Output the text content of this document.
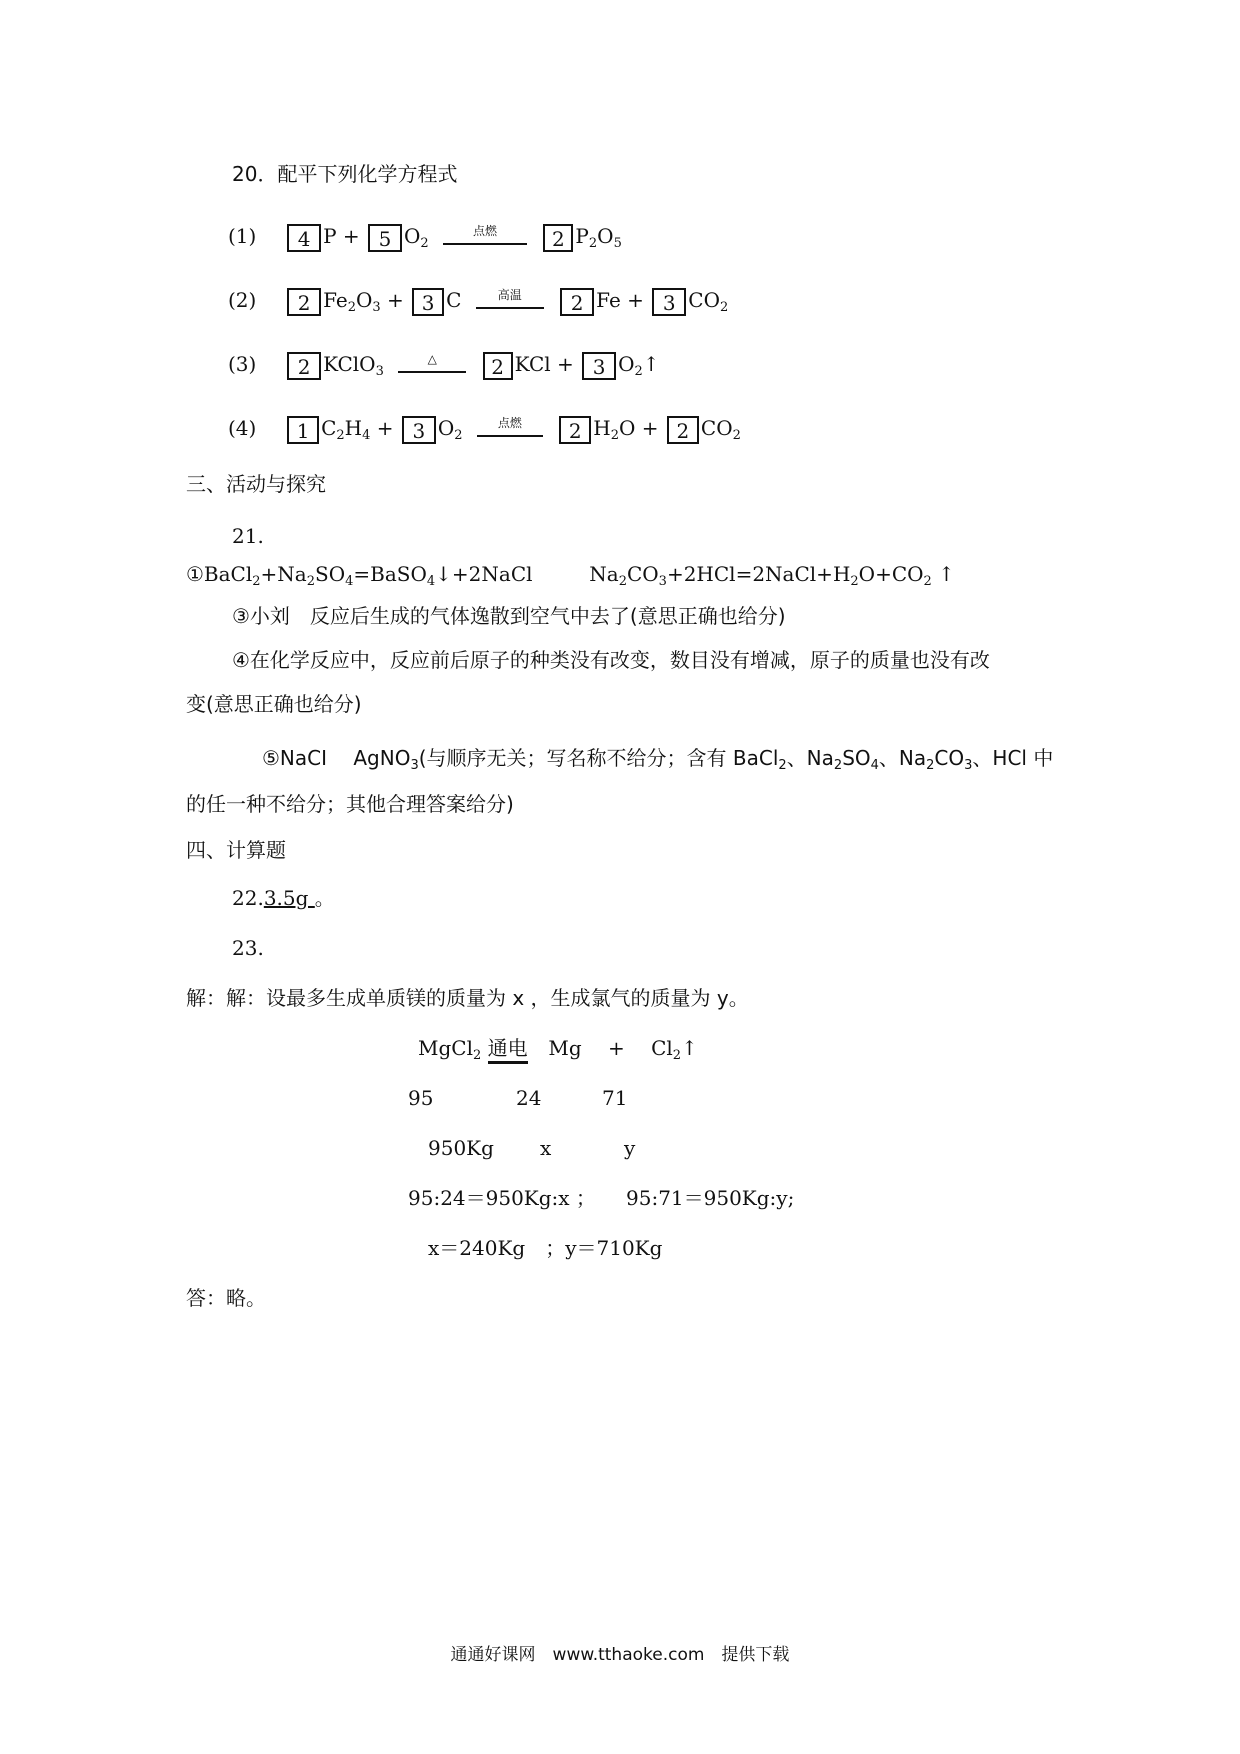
20．配平下列化学方程式
(1) 4 P + 5 $O_2$
点燃	2 $P_2O_5$
(2) 2 $Fe_2O_3 + 3$ C	高温	2 Fe + 3 $CO_2$
(3) 2 KClO$_3$
△	2 KCl + 3 $O_2↑$
(4) 1 $C_2H_4 + 3$ $O_2$
点燃	2 $H_2O + 2$ $CO_2$
三、活动与探究
21.
$①BaCl_2+Na_2SO_4=BaSO_4↓+2NaCl$	$Na_2CO_3+2HCl=2NaCl+H_2O+CO_2$ ↑
③小刘　反应后生成的气体逸散到空气中去了(意思正确也给分)
④在化学反应中，反应前后原子的种类没有改变，数目没有增减，原子的质量也没有改
变(意思正确也给分)
⑤NaCI　 AgNO$_3$(与顺序无关；写名称不给分；含有 BaCl$_2$、$Na_2SO_4$、$Na_2CO_3$、HCl 中
的任一种不给分；其他合理答案给分)
四、计算题
22.3.5g 。
23.
解：解：设最多生成单质镁的质量为 x ，生成氯气的质量为 y。
MgCl$_2$ 通电 Mg　 +　 $Cl_2↑$
95	24	71
950Kg x	y
95:24＝950Kg:x ； 95:71＝950Kg:y;
x＝240Kg　；y＝710Kg
答：略。
通通好课网　www.tthaoke.com　提供下载
